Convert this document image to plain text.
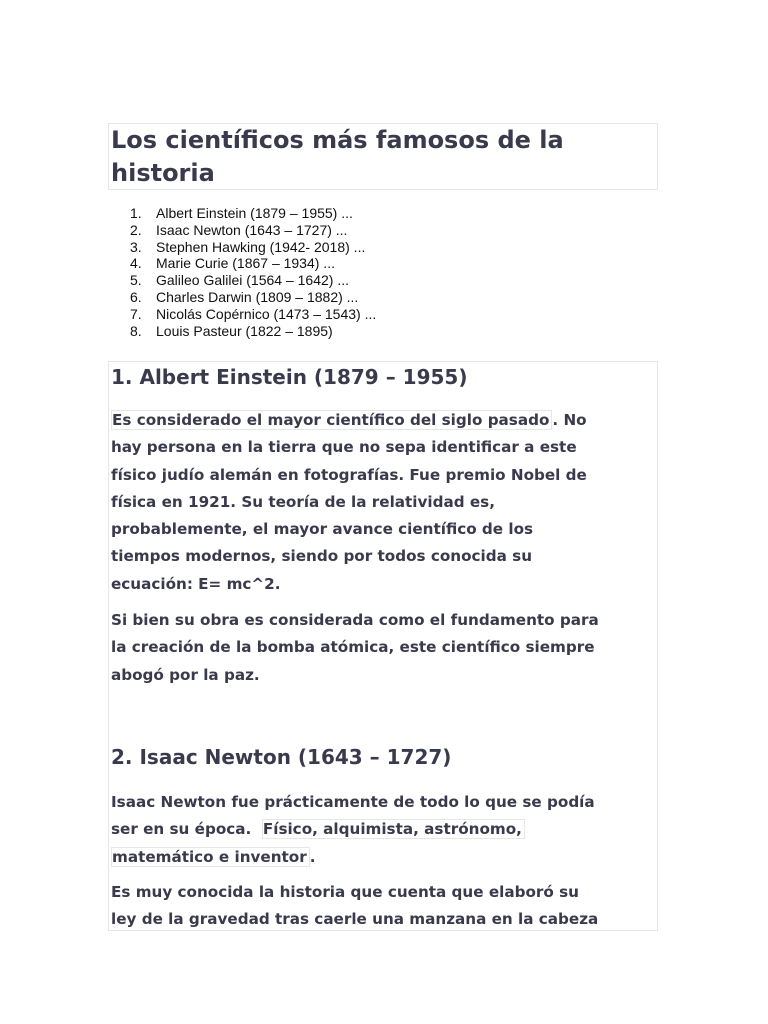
Los científicos más famosos de la
historia
1. Albert Einstein (1879 – 1955) ...
2. Isaac Newton (1643 – 1727) ...
3. Stephen Hawking (1942- 2018) ...
4. Marie Curie (1867 – 1934) ...
5. Galileo Galilei (1564 – 1642) ...
6. Charles Darwin (1809 – 1882) ...
7. Nicolás Copérnico (1473 – 1543) ...
8. Louis Pasteur (1822 – 1895)
1. Albert Einstein (1879 – 1955)
Es considerado el mayor científico del siglo pasado . No
hay persona en la tierra que no sepa identificar a este
físico judío alemán en fotografías. Fue premio Nobel de
física en 1921. Su teoría de la relatividad es,
probablemente, el mayor avance científico de los
tiempos modernos, siendo por todos conocida su
ecuación: E= mc^2.
Si bien su obra es considerada como el fundamento para
la creación de la bomba atómica, este científico siempre
abogó por la paz.
2. Isaac Newton (1643 – 1727)
Isaac Newton fue prácticamente de todo lo que se podía
ser en su época.  Físico, alquimista, astrónomo,
matemático e inventor .
Es muy conocida la historia que cuenta que elaboró su
ley de la gravedad tras caerle una manzana en la cabeza
